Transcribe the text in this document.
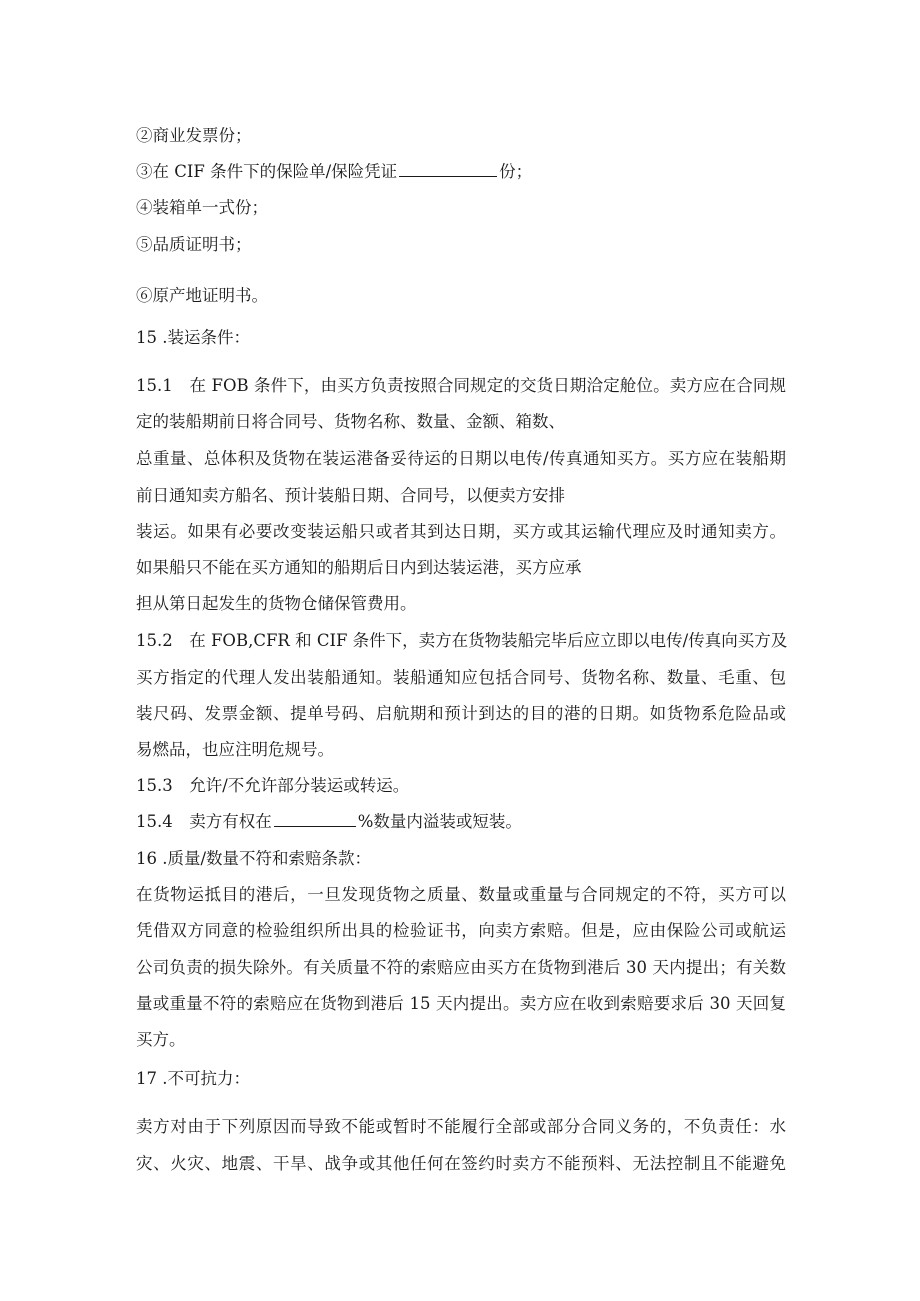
②商业发票份；
③在 CIF 条件下的保险单/保险凭证	份；
④装箱单一式份；
⑤品质证明书；
⑥原产地证明书。
15 .装运条件：
15.1　在 FOB 条件下，由买方负责按照合同规定的交货日期洽定舱位。卖方应在合同规
定的装船期前日将合同号、货物名称、数量、金额、箱数、
总重量、总体积及货物在装运港备妥待运的日期以电传/传真通知买方。买方应在装船期
前日通知卖方船名、预计装船日期、合同号，以便卖方安排
装运。如果有必要改变装运船只或者其到达日期，买方或其运输代理应及时通知卖方。
如果船只不能在买方通知的船期后日内到达装运港，买方应承
担从第日起发生的货物仓储保管费用。
15.2　在 FOB,CFR 和 CIF 条件下，卖方在货物装船完毕后应立即以电传/传真向买方及
买方指定的代理人发出装船通知。装船通知应包括合同号、货物名称、数量、毛重、包
装尺码、发票金额、提单号码、启航期和预计到达的目的港的日期。如货物系危险品或
易燃品，也应注明危规号。
15.3　允许/不允许部分装运或转运。
15.4　卖方有权在	%数量内溢装或短装。
16 .质量/数量不符和索赔条款：
在货物运抵目的港后，一旦发现货物之质量、数量或重量与合同规定的不符，买方可以
凭借双方同意的检验组织所出具的检验证书，向卖方索赔。但是，应由保险公司或航运
公司负责的损失除外。有关质量不符的索赔应由买方在货物到港后 30 天内提出；有关数
量或重量不符的索赔应在货物到港后 15 天内提出。卖方应在收到索赔要求后 30 天回复
买方。
17 .不可抗力：
卖方对由于下列原因而导致不能或暂时不能履行全部或部分合同义务的，不负责任：水
灾、火灾、地震、干旱、战争或其他任何在签约时卖方不能预料、无法控制且不能避免
